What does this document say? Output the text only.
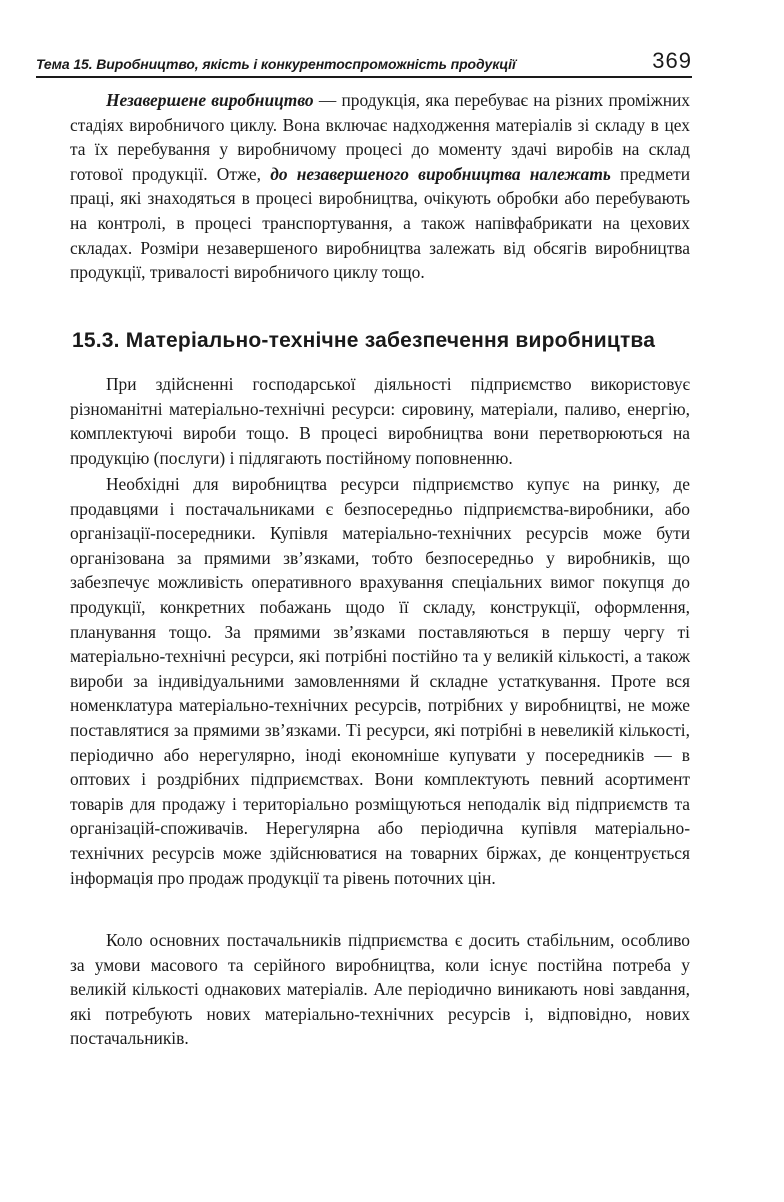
Тема 15. Виробництво, якість і конкурентоспроможність продукції	369

Незавершене виробництво — продукція, яка перебуває на різних проміжних стадіях виробничого циклу. Вона включає надходження матеріалів зі складу в цех та їх перебування у виробничому процесі до моменту здачі виробів на склад готової продукції. Отже, до незавершеного виробництва належать предмети праці, які знаходяться в процесі виробництва, очікують обробки або перебувають на контролі, в процесі транспортування, а також напівфабрикати на цехових складах. Розміри незавершеного виробництва залежать від обсягів виробництва продукції, тривалості виробничого циклу тощо.

15.3. Матеріально-технічне забезпечення виробництва

При здійсненні господарської діяльності підприємство використовує різноманітні матеріально-технічні ресурси: сировину, матеріали, паливо, енергію, комплектуючі вироби тощо. В процесі виробництва вони перетворюються на продукцію (послуги) і підлягають постійному поповненню.

Необхідні для виробництва ресурси підприємство купує на ринку, де продавцями і постачальниками є безпосередньо підприємства-виробники, або організації-посередники. Купівля матеріально-технічних ресурсів може бути організована за прямими зв’язками, тобто безпосередньо у виробників, що забезпечує можливість оперативного врахування спеціальних вимог покупця до продукції, конкретних побажань щодо її складу, конструкції, оформлення, планування тощо. За прямими зв’язками поставляються в першу чергу ті матеріально-технічні ресурси, які потрібні постійно та у великій кількості, а також вироби за індивідуальними замовленнями й складне устаткування. Проте вся номенклатура матеріально-технічних ресурсів, потрібних у виробництві, не може поставлятися за прямими зв’язками. Ті ресурси, які потрібні в невеликій кількості, періодично або нерегулярно, іноді економніше купувати у посередників — в оптових і роздрібних підприємствах. Вони комплектують певний асортимент товарів для продажу і територіально розміщуються неподалік від підприємств та організацій-споживачів. Нерегулярна або періодична купівля матеріально-технічних ресурсів може здійснюватися на товарних біржах, де концентрується інформація про продаж продукції та рівень поточних цін.

Коло основних постачальників підприємства є досить стабільним, особливо за умови масового та серійного виробництва, коли існує постійна потреба у великій кількості однакових матеріалів. Але періодично виникають нові завдання, які потребують нових матеріально-технічних ресурсів і, відповідно, нових постачальників.
